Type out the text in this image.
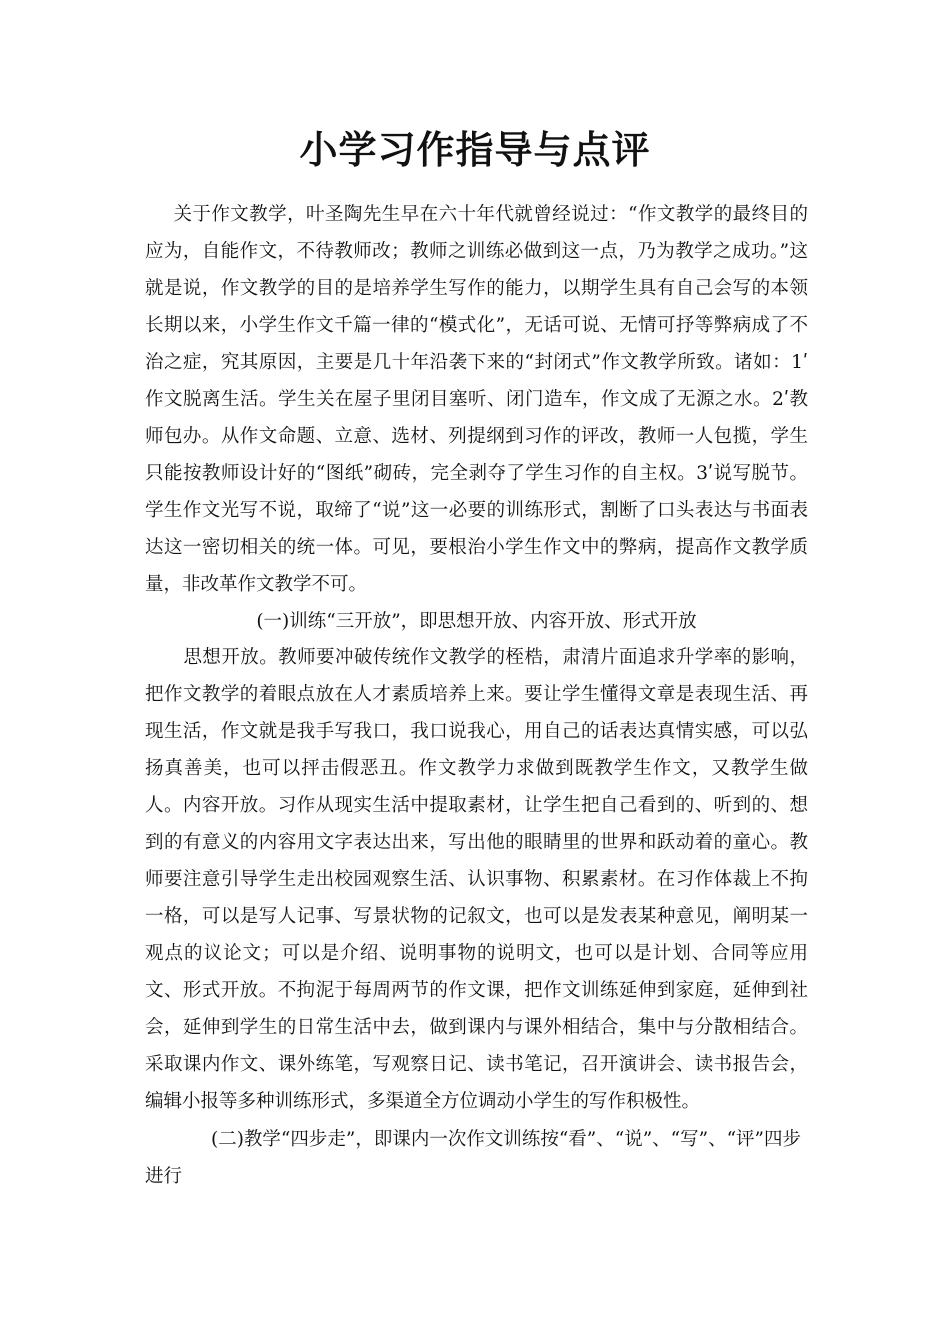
小学习作指导与点评

关于作文教学，叶圣陶先生早在六十年代就曾经说过：“作文教学的最终目的应为，自能作文，不待教师改；教师之训练必做到这一点，乃为教学之成功。”这就是说，作文教学的目的是培养学生写作的能力，以期学生具有自己会写的本领长期以来，小学生作文千篇一律的“模式化”，无话可说、无情可抒等弊病成了不治之症，究其原因，主要是几十年沿袭下来的“封闭式”作文教学所致。诸如：1ʹ作文脱离生活。学生关在屋子里闭目塞听、闭门造车，作文成了无源之水。2ʹ教师包办。从作文命题、立意、选材、列提纲到习作的评改，教师一人包揽，学生只能按教师设计好的“图纸”砌砖，完全剥夺了学生习作的自主权。3ʹ说写脱节。学生作文光写不说，取缔了“说”这一必要的训练形式，割断了口头表达与书面表达这一密切相关的统一体。可见，要根治小学生作文中的弊病，提高作文教学质量，非改革作文教学不可。

(一)训练“三开放”，即思想开放、内容开放、形式开放

思想开放。教师要冲破传统作文教学的桎梏，肃清片面追求升学率的影响，把作文教学的着眼点放在人才素质培养上来。要让学生懂得文章是表现生活、再现生活，作文就是我手写我口，我口说我心，用自己的话表达真情实感，可以弘扬真善美，也可以抨击假恶丑。作文教学力求做到既教学生作文，又教学生做人。内容开放。习作从现实生活中提取素材，让学生把自己看到的、听到的、想到的有意义的内容用文字表达出来，写出他的眼睛里的世界和跃动着的童心。教师要注意引导学生走出校园观察生活、认识事物、积累素材。在习作体裁上不拘一格，可以是写人记事、写景状物的记叙文，也可以是发表某种意见，阐明某一观点的议论文；可以是介绍、说明事物的说明文，也可以是计划、合同等应用文、形式开放。不拘泥于每周两节的作文课，把作文训练延伸到家庭，延伸到社会，延伸到学生的日常生活中去，做到课内与课外相结合，集中与分散相结合。采取课内作文、课外练笔，写观察日记、读书笔记，召开演讲会、读书报告会，编辑小报等多种训练形式，多渠道全方位调动小学生的写作积极性。

(二)教学“四步走”，即课内一次作文训练按“看”、“说”、“写”、“评”四步进行
